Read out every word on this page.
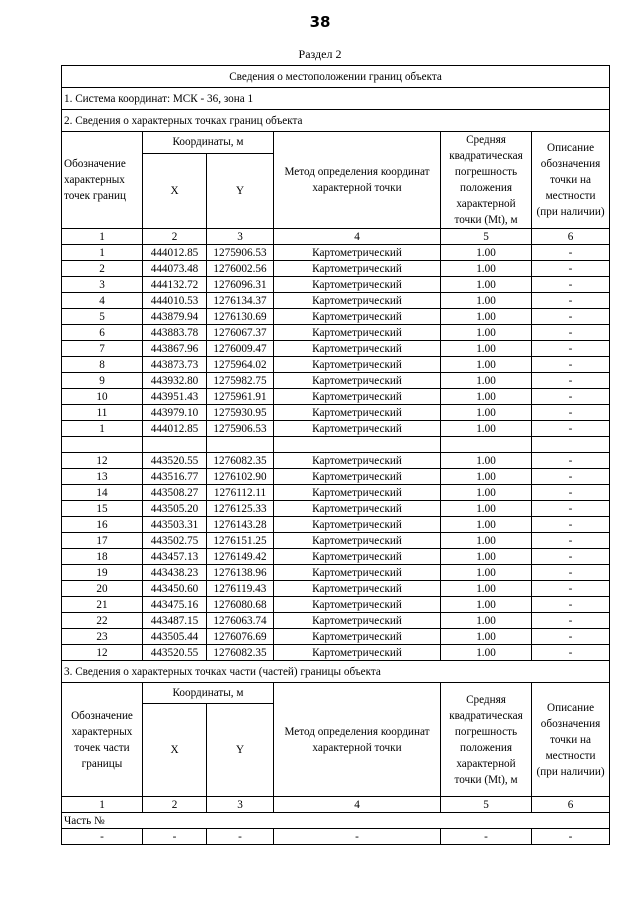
38
Раздел 2
Сведения о местоположении границ объекта					
1. Система координат: МСК - 36, зона 1					
2. Сведения о характерных точках границ объекта					
Обозначение характерных точек границ	Координаты, м		Метод определения координат характерной точки	Средняя квадратическая погрешность положения характерной точки (Mt), м	Описание обозначения точки на местности (при наличии)
	X	Y			
1	2	3	4	5	6
1	444012.85	1275906.53	Картометрический	1.00	-
2	444073.48	1276002.56	Картометрический	1.00	-
3	444132.72	1276096.31	Картометрический	1.00	-
4	444010.53	1276134.37	Картометрический	1.00	-
5	443879.94	1276130.69	Картометрический	1.00	-
6	443883.78	1276067.37	Картометрический	1.00	-
7	443867.96	1276009.47	Картометрический	1.00	-
8	443873.73	1275964.02	Картометрический	1.00	-
9	443932.80	1275982.75	Картометрический	1.00	-
10	443951.43	1275961.91	Картометрический	1.00	-
11	443979.10	1275930.95	Картометрический	1.00	-
1	444012.85	1275906.53	Картометрический	1.00	-

12	443520.55	1276082.35	Картометрический	1.00	-
13	443516.77	1276102.90	Картометрический	1.00	-
14	443508.27	1276112.11	Картометрический	1.00	-
15	443505.20	1276125.33	Картометрический	1.00	-
16	443503.31	1276143.28	Картометрический	1.00	-
17	443502.75	1276151.25	Картометрический	1.00	-
18	443457.13	1276149.42	Картометрический	1.00	-
19	443438.23	1276138.96	Картометрический	1.00	-
20	443450.60	1276119.43	Картометрический	1.00	-
21	443475.16	1276080.68	Картометрический	1.00	-
22	443487.15	1276063.74	Картометрический	1.00	-
23	443505.44	1276076.69	Картометрический	1.00	-
12	443520.55	1276082.35	Картометрический	1.00	-
3. Сведения о характерных точках части (частей) границы объекта					
Обозначение характерных точек части границы	Координаты, м		Метод определения координат характерной точки	Средняя квадратическая погрешность положения характерной точки (Mt), м	Описание обозначения точки на местности (при наличии)
	X	Y			
1	2	3	4	5	6
Часть №					
-	-	-	-	-	-
